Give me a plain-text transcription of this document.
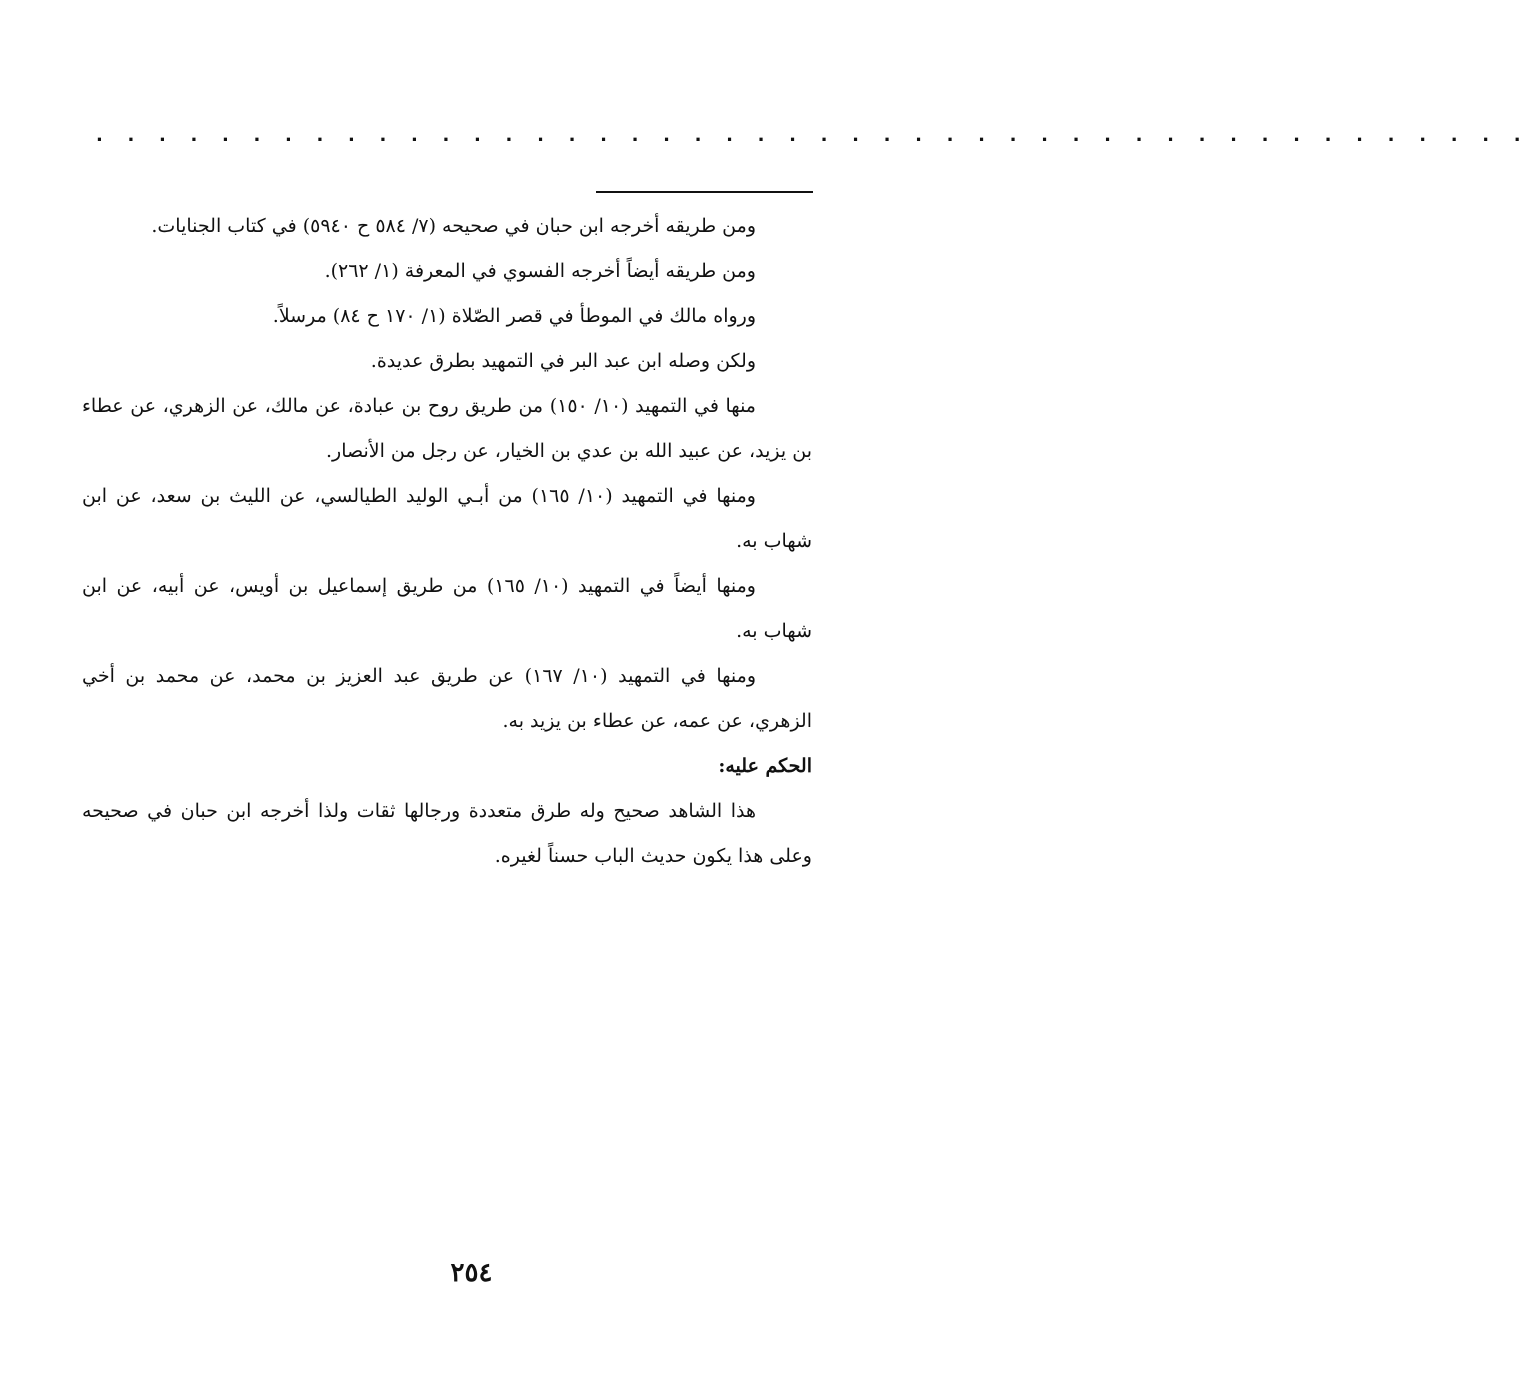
. . . . . . . . . . . . . . . . . . . . . . . . . . . . . . . . . . . . . . . . . . . . . .

ومن طريقه أخرجه ابن حبان في صحيحه (٧/ ٥٨٤ ح ٥٩٤٠) في كتاب الجنايات.

ومن طريقه أيضاً أخرجه الفسوي في المعرفة (١/ ٢٦٢).

ورواه مالك في الموطأ في قصر الصّلاة (١/ ١٧٠ ح ٨٤) مرسلاً.

ولكن وصله ابن عبد البر في التمهيد بطرق عديدة.

منها في التمهيد (١٠/ ١٥٠) من طريق روح بن عبادة، عن مالك، عن الزهري، عن عطاء بن يزيد، عن عبيد الله بن عدي بن الخيار، عن رجل من الأنصار.

ومنها في التمهيد (١٠/ ١٦٥) من أبـي الوليد الطيالسي، عن الليث بن سعد، عن ابن شهاب به.

ومنها أيضاً في التمهيد (١٠/ ١٦٥) من طريق إسماعيل بن أويس، عن أبيه، عن ابن شهاب به.

ومنها في التمهيد (١٠/ ١٦٧) عن طريق عبد العزيز بن محمد، عن محمد بن أخي الزهري، عن عمه، عن عطاء بن يزيد به.

الحكم عليه:

هذا الشاهد صحيح وله طرق متعددة ورجالها ثقات ولذا أخرجه ابن حبان في صحيحه وعلى هذا يكون حديث الباب حسناً لغيره.

٢٥٤
